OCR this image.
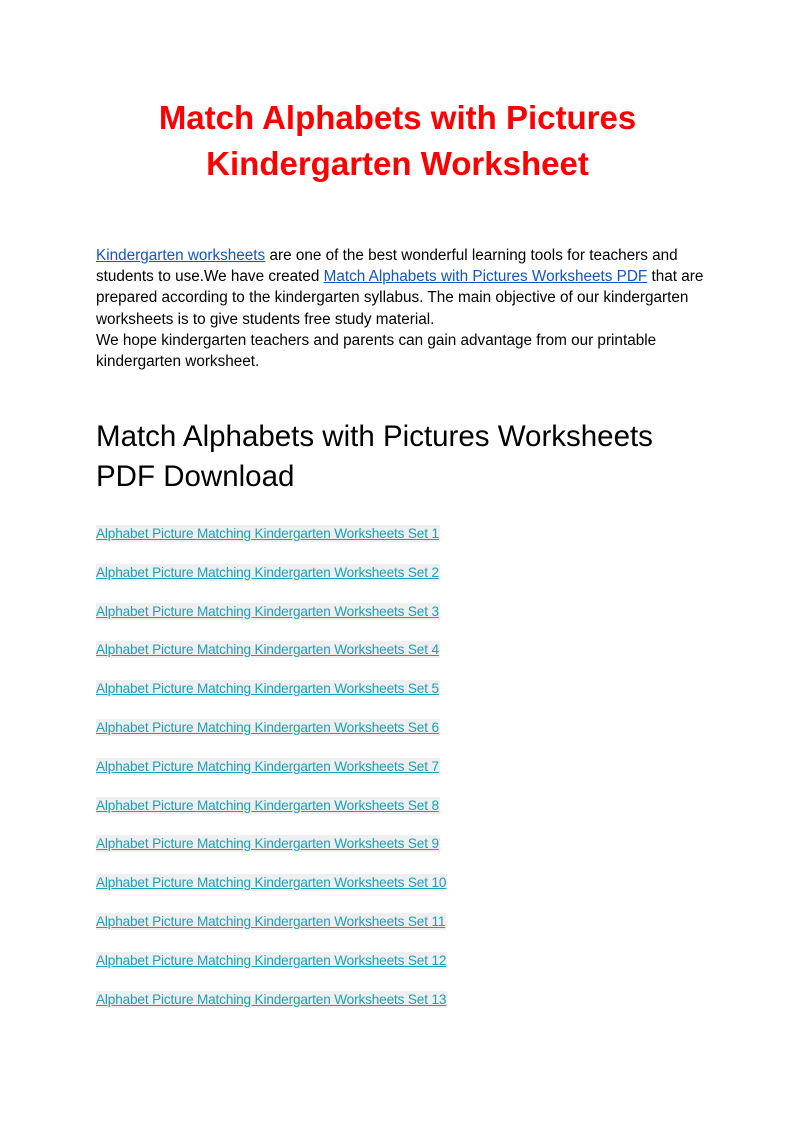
Match Alphabets with Pictures
Kindergarten Worksheet

Kindergarten worksheets are one of the best wonderful learning tools for teachers and students to use.We have created Match Alphabets with Pictures Worksheets PDF that are prepared according to the kindergarten syllabus. The main objective of our kindergarten worksheets is to give students free study material.
We hope kindergarten teachers and parents can gain advantage from our printable kindergarten worksheet.

Match Alphabets with Pictures Worksheets PDF Download
Alphabet Picture Matching Kindergarten Worksheets Set 1
Alphabet Picture Matching Kindergarten Worksheets Set 2
Alphabet Picture Matching Kindergarten Worksheets Set 3
Alphabet Picture Matching Kindergarten Worksheets Set 4
Alphabet Picture Matching Kindergarten Worksheets Set 5
Alphabet Picture Matching Kindergarten Worksheets Set 6
Alphabet Picture Matching Kindergarten Worksheets Set 7
Alphabet Picture Matching Kindergarten Worksheets Set 8
Alphabet Picture Matching Kindergarten Worksheets Set 9
Alphabet Picture Matching Kindergarten Worksheets Set 10
Alphabet Picture Matching Kindergarten Worksheets Set 11
Alphabet Picture Matching Kindergarten Worksheets Set 12
Alphabet Picture Matching Kindergarten Worksheets Set 13
